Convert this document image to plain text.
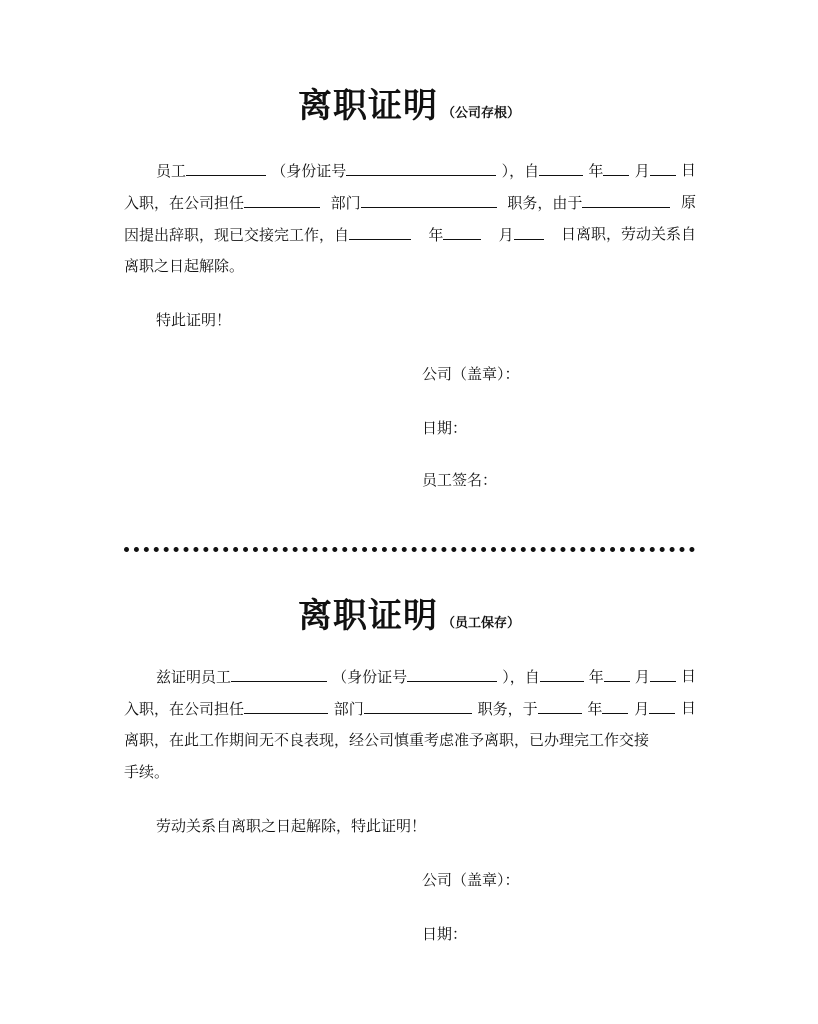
离职证明 （公司存根）
员工	（身份证号	），自	年	月	日
入职，在公司担任	部门	职务，由于	原
因提出辞职，现已交接完工作，自	年	月	日离职，劳动关系自
离职之日起解除。
特此证明！
公司（盖章）：
日期：
员工签名：
离职证明 （员工保存）
兹证明员工	（身份证号	），自	年	月	日
入职，在公司担任	部门	职务，于	年	月	日
离职，在此工作期间无不良表现，经公司慎重考虑准予离职，已办理完工作交接
手续。
劳动关系自离职之日起解除，特此证明！
公司（盖章）：
日期：
